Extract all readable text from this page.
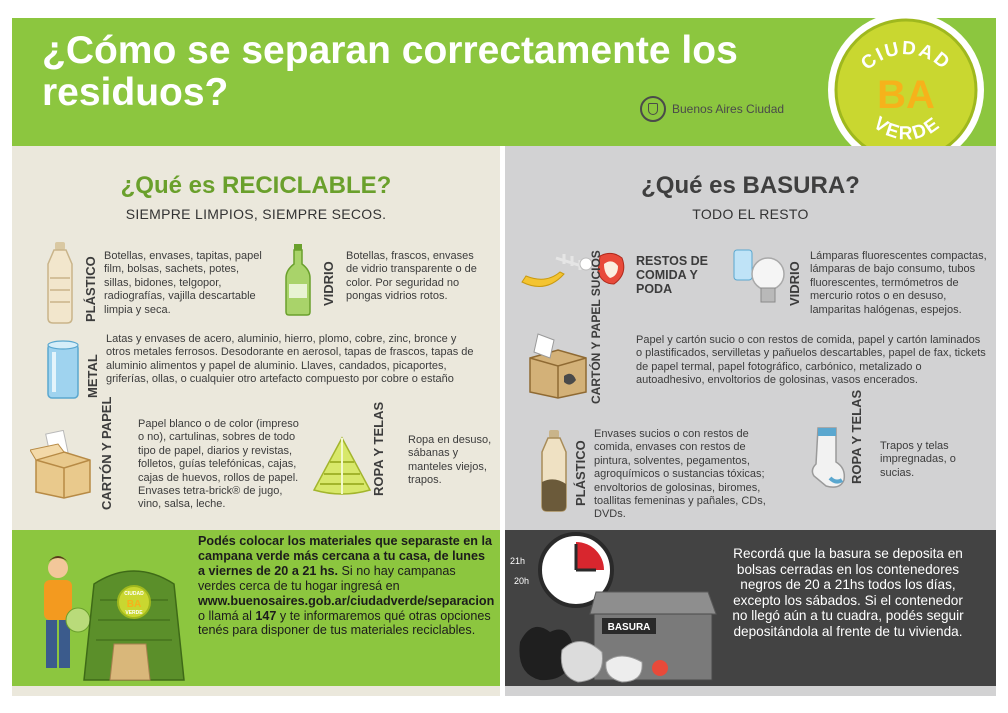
¿Cómo se separan correctamente los residuos?	Buenos Aires Ciudad
CIUDAD
BA
VERDE
¿Qué es RECICLABLE?
SIEMPRE LIMPIOS, SIEMPRE SECOS.
PLÁSTICO
Botellas, envases, tapitas, papel film, bolsas, sachets, potes, sillas, bidones, telgopor, radiografías, vajilla descartable limpia y seca.
VIDRIO
Botellas, frascos, envases de vidrio transparente o de color. Por seguridad no pongas vidrios rotos.
METAL
Latas y envases de acero, aluminio, hierro, plomo, cobre, zinc, bronce y otros metales ferrosos. Desodorante en aerosol, tapas de frascos, tapas de aluminio alimentos y papel de aluminio. Llaves, candados, picaportes, griferías, ollas, o cualquier otro artefacto compuesto por cobre o estaño
CARTÓN Y PAPEL Papel blanco o de color (impreso o no), cartulinas, sobres de todo tipo de papel, diarios y revistas, folletos, guías telefónicas, cajas, cajas de huevos, rollos de papel. Envases tetra-brick® de jugo, vino, salsa, leche.
ROPA Y TELAS Ropa en desuso, sábanas y manteles viejos, trapos.
¿Qué es BASURA?
TODO EL RESTO
RESTOS DE COMIDA Y PODA	VIDRIO
Lámparas fluorescentes compactas, lámparas de bajo consumo, tubos fluorescentes, termómetros de mercurio rotos o en desuso, lamparitas halógenas, espejos.
CARTÓN Y PAPEL SUCIOS	Papel y cartón sucio o con restos de comida, papel y cartón laminados o plastificados, servilletas y pañuelos descartables, papel de fax, tickets de papel termal, papel fotográfico, carbónico, metalizado o autoadhesivo, envoltorios de golosinas, vasos encerados.
PLÁSTICO
Envases sucios o con restos de comida, envases con restos de pintura, solventes, pegamentos, agroquímicos o sustancias tóxicas; envoltorios de golosinas, biromes, toallitas femeninas y pañales, CDs, DVDs.
ROPA Y TELAS Trapos y telas impregnadas, o sucias.
CIUDAD
BA
VERDE
Podés colocar los materiales que separaste en la campana verde más cercana a tu casa, de lunes a viernes de 20 a 21 hs. Si no hay campanas verdes cerca de tu hogar ingresá en www.buenosaires.gob.ar/ciudadverde/separacion o llamá al 147 y te informaremos qué otras opciones tenés para disponer de tus materiales reciclables.
21h
20h
BASURA
Recordá que la basura se deposita en bolsas cerradas en los contenedores negros de 20 a 21hs todos los días, excepto los sábados. Si el contenedor no llegó aún a tu cuadra, podés seguir depositándola al frente de tu vivienda.
